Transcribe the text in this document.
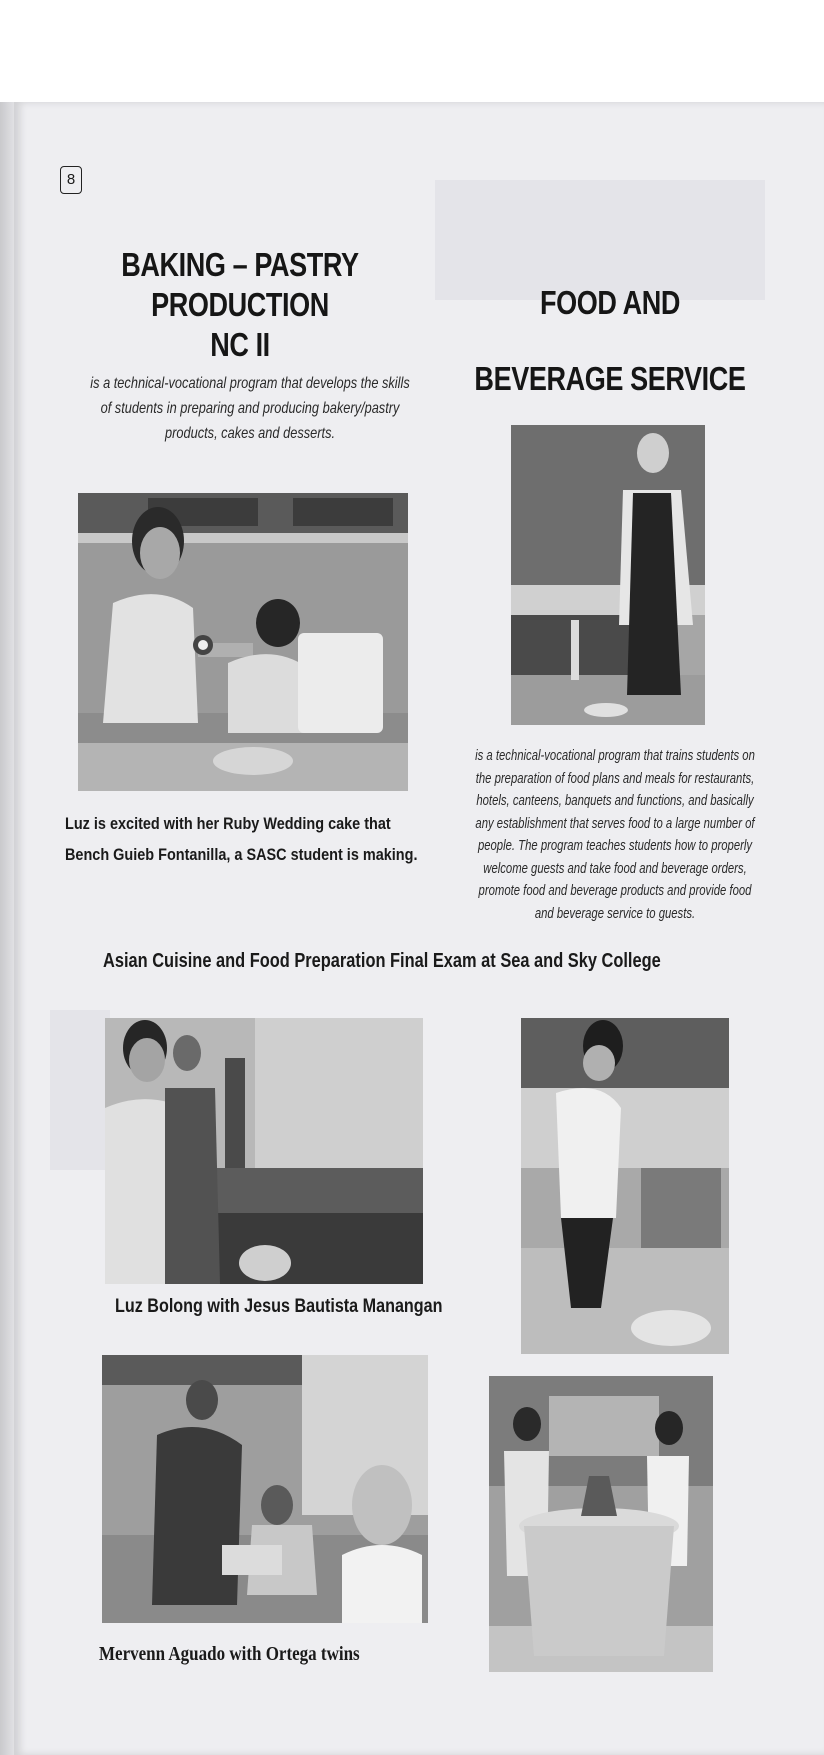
8
BAKING – PASTRY PRODUCTION
NC II
is a technical-vocational program that develops the skills of students in preparing and producing bakery/pastry products, cakes and desserts.
Luz is excited with her Ruby Wedding cake that
Bench Guieb Fontanilla, a SASC student is making.
FOOD AND BEVERAGE SERVICE
is a technical-vocational program that trains students on the preparation of food plans and meals for restaurants, hotels, canteens, banquets and functions, and basically any establishment that serves food to a large number of people. The program teaches students how to properly welcome guests and take food and beverage orders, promote food and beverage products and provide food and beverage service to guests.
Asian Cuisine and Food Preparation Final Exam at Sea and Sky College
Luz Bolong with Jesus Bautista Manangan
Mervenn Aguado with Ortega twins
